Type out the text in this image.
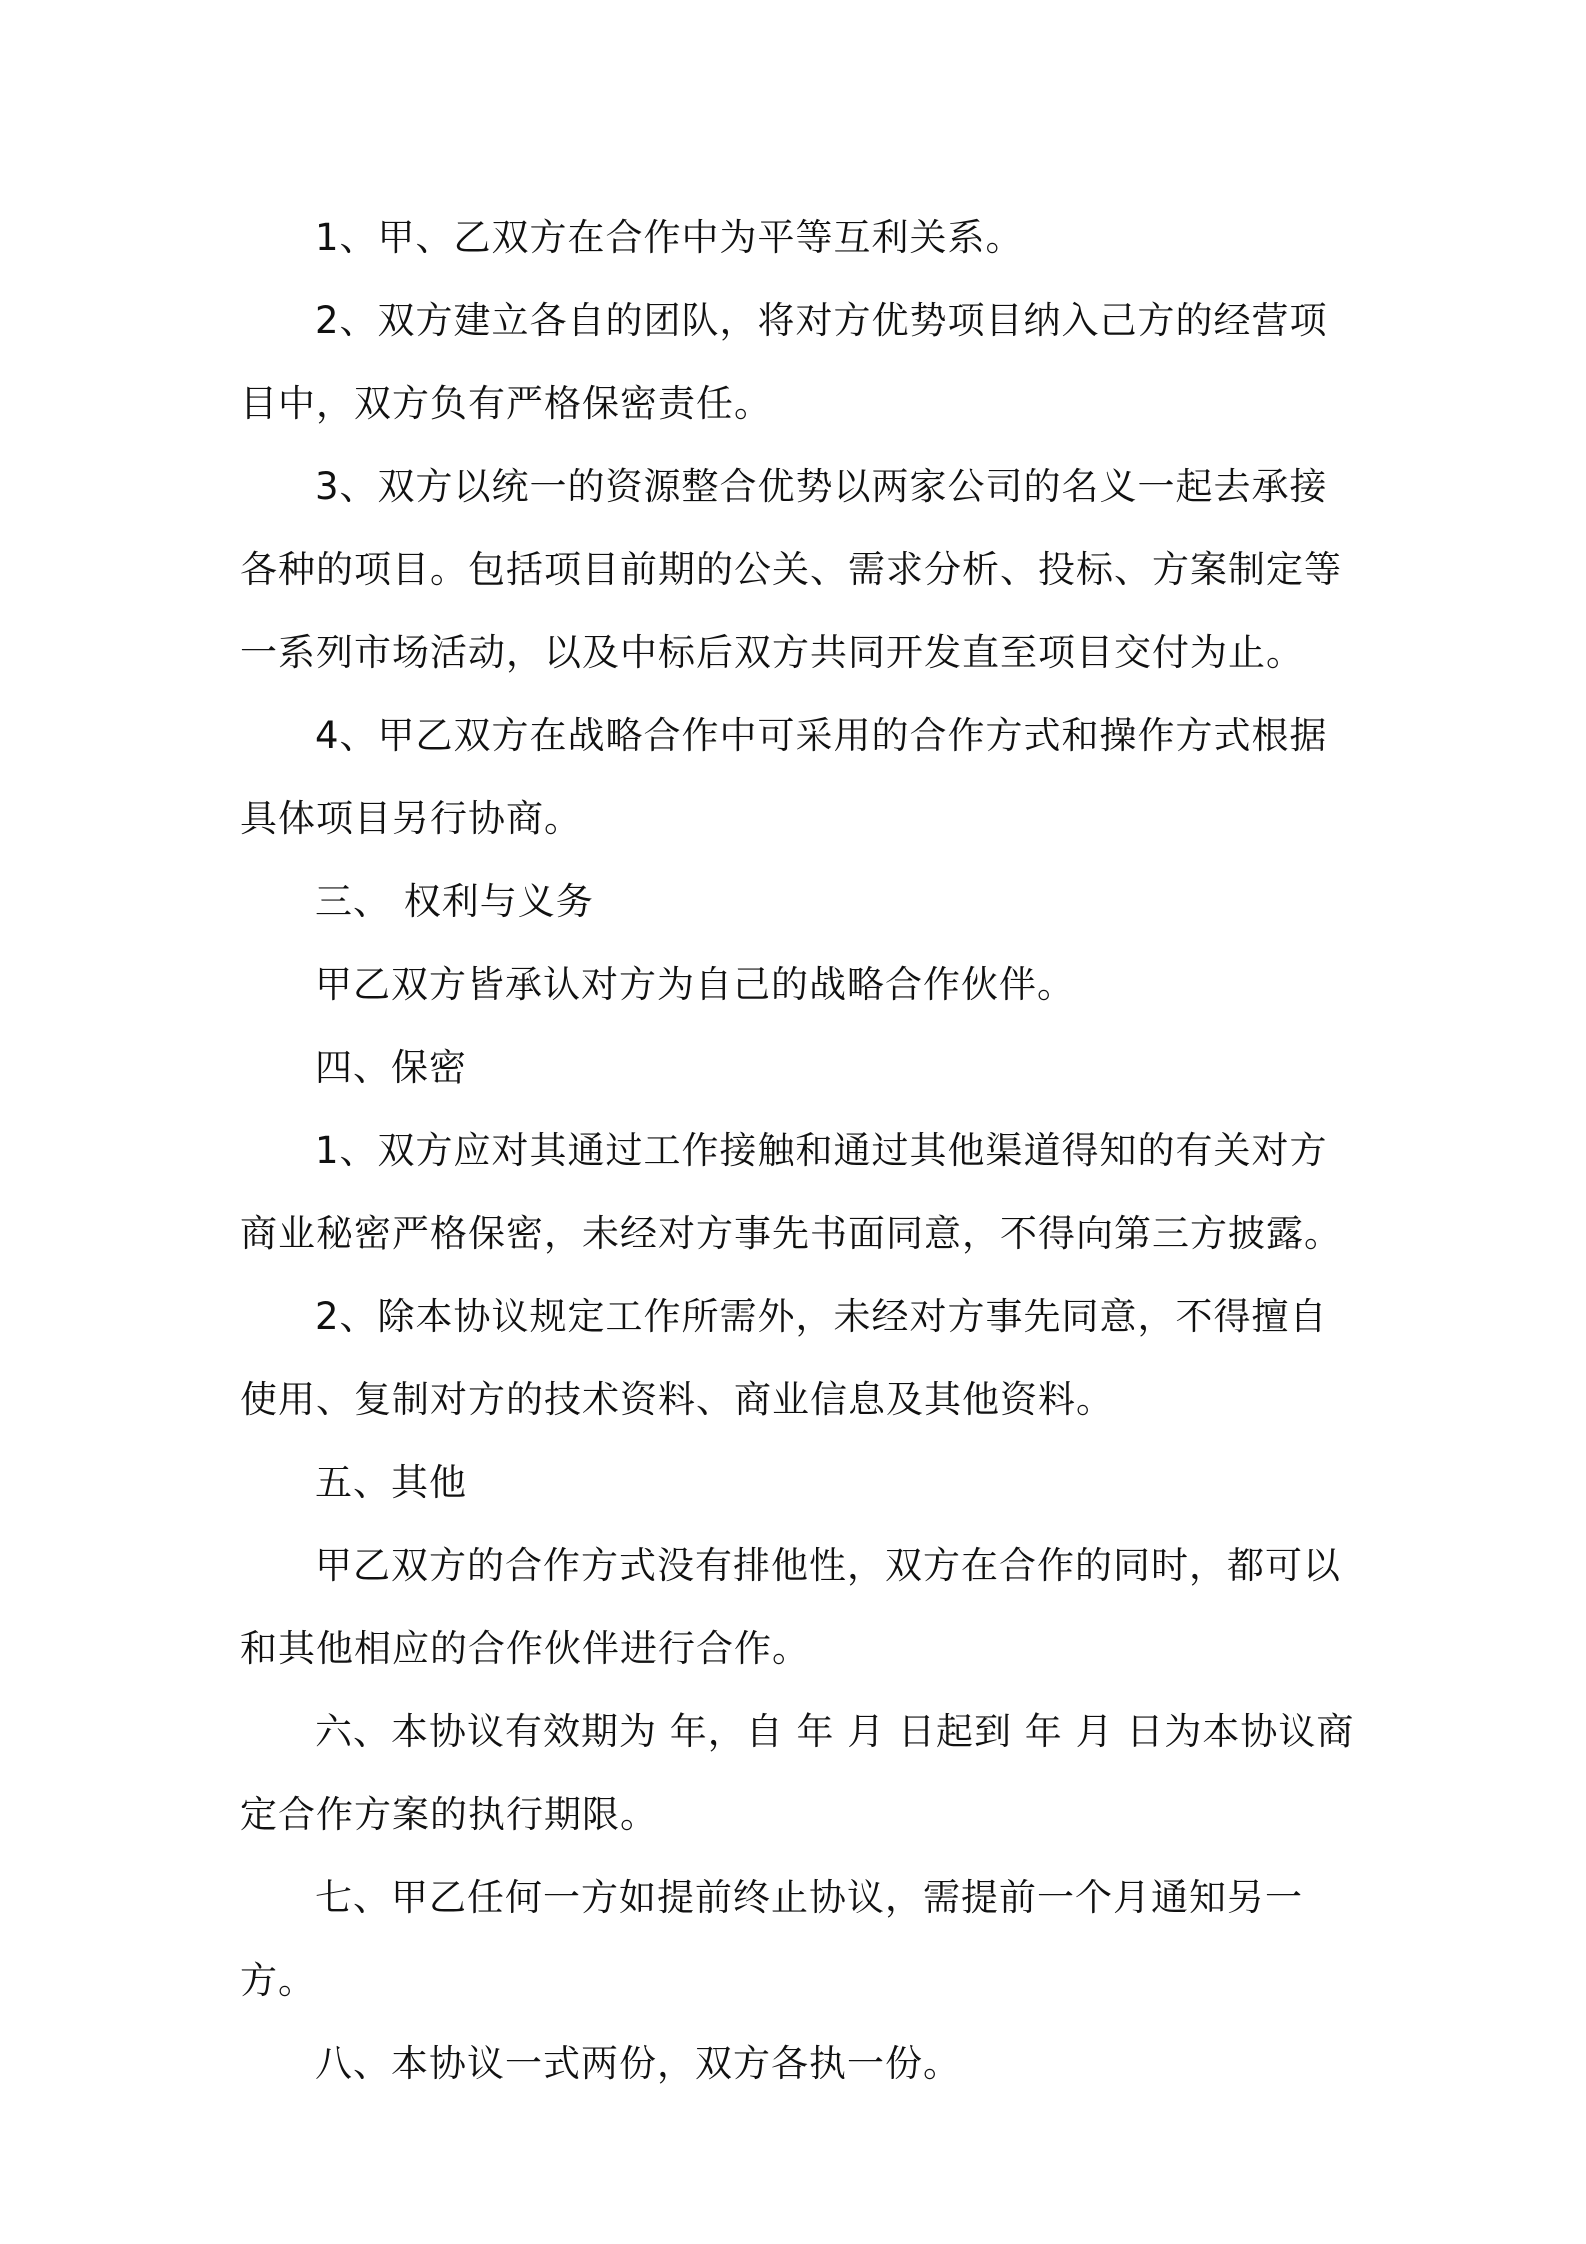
1、甲、乙双方在合作中为平等互利关系。

2、双方建立各自的团队，将对方优势项目纳入己方的经营项目中，双方负有严格保密责任。

3、双方以统一的资源整合优势以两家公司的名义一起去承接各种的项目。包括项目前期的公关、需求分析、投标、方案制定等一系列市场活动，以及中标后双方共同开发直至项目交付为止。

4、甲乙双方在战略合作中可采用的合作方式和操作方式根据具体项目另行协商。

三、 权利与义务

甲乙双方皆承认对方为自己的战略合作伙伴。

四、保密

1、双方应对其通过工作接触和通过其他渠道得知的有关对方商业秘密严格保密，未经对方事先书面同意，不得向第三方披露。

2、除本协议规定工作所需外，未经对方事先同意，不得擅自使用、复制对方的技术资料、商业信息及其他资料。

五、其他

甲乙双方的合作方式没有排他性，双方在合作的同时，都可以和其他相应的合作伙伴进行合作。

六、本协议有效期为 年，自 年 月 日起到 年 月 日为本协议商定合作方案的执行期限。

七、甲乙任何一方如提前终止协议，需提前一个月通知另一方。

八、本协议一式两份，双方各执一份。
